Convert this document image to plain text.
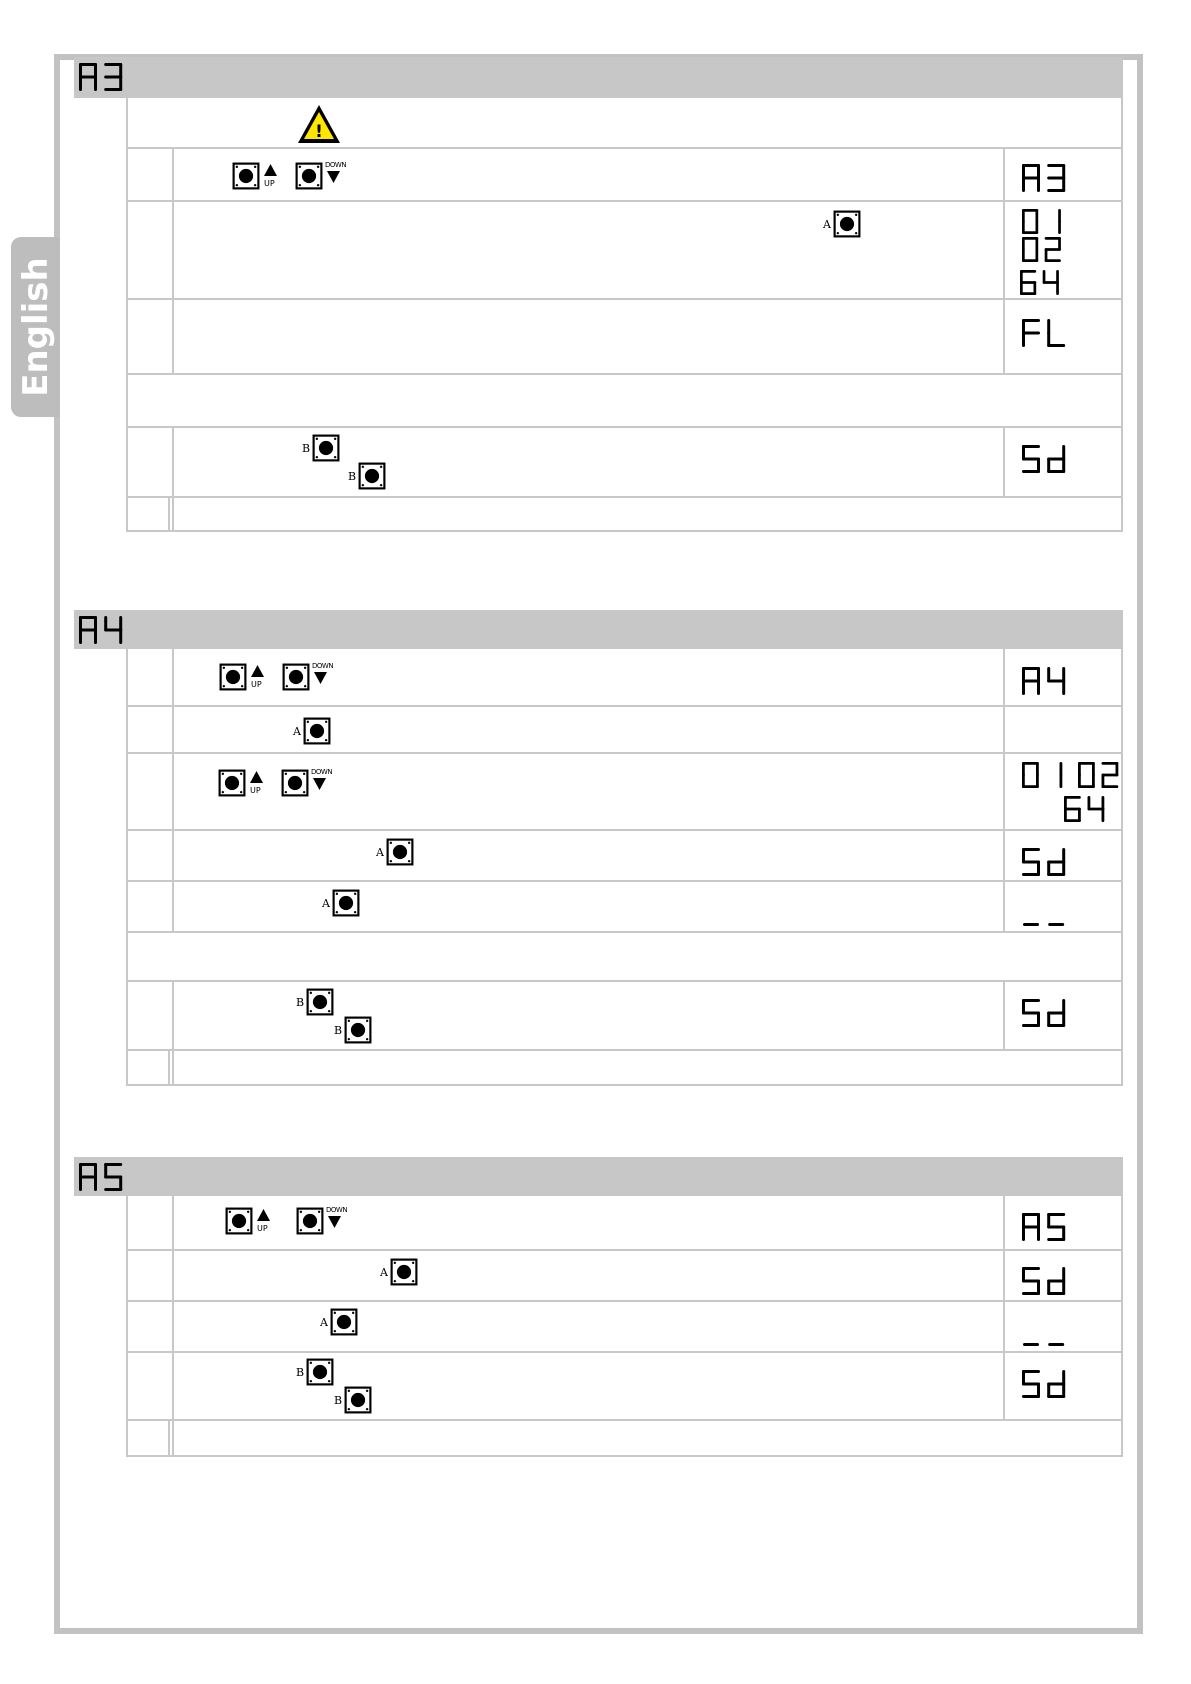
English
!
UP
DOWN
A
B
B
UP
DOWN
A
UP
DOWN
A
A
B
B
UP
DOWN
A
A
B
B
